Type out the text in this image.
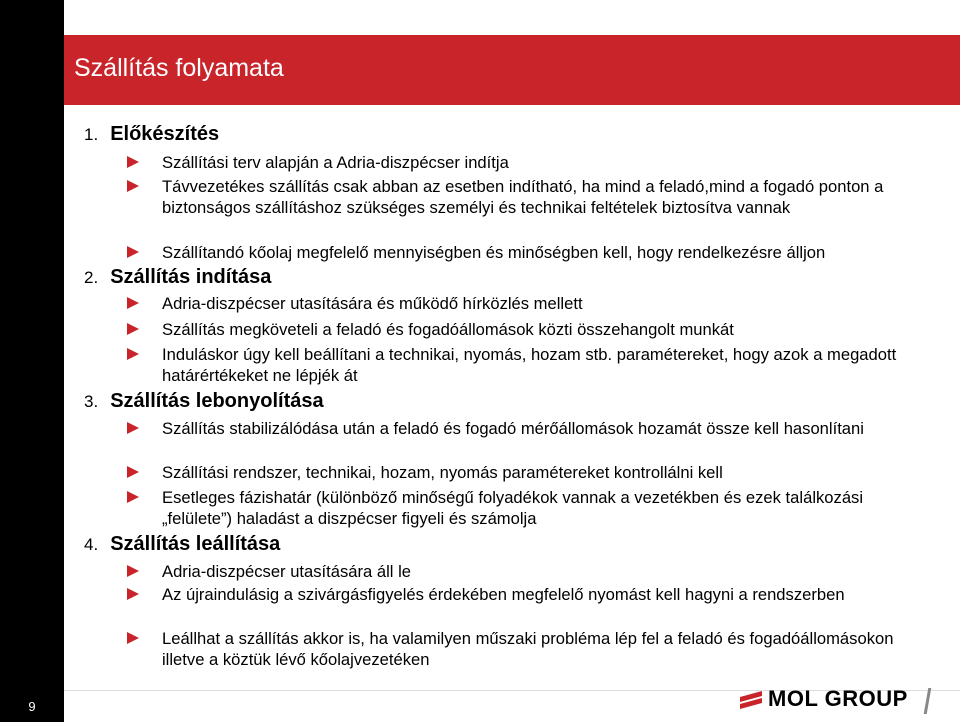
Szállítás folyamata
1. Előkészítés
Szállítási terv alapján a Adria-diszpécser indítja
Távvezetékes szállítás csak abban az esetben indítható, ha mind a feladó,mind a fogadó ponton a biztonságos szállításhoz szükséges személyi és technikai feltételek biztosítva vannak
Szállítandó kőolaj megfelelő mennyiségben és minőségben kell, hogy rendelkezésre álljon
2. Szállítás indítása
Adria-diszpécser utasítására és működő hírközlés mellett
Szállítás megköveteli a feladó és fogadóállomások közti összehangolt munkát
Induláskor úgy kell beállítani a technikai, nyomás, hozam stb. paramétereket, hogy azok a megadott határértékeket ne lépjék át
3. Szállítás lebonyolítása
Szállítás stabilizálódása után a feladó és fogadó mérőállomások hozamát össze kell hasonlítani
Szállítási rendszer, technikai, hozam, nyomás paramétereket kontrollálni kell
Esetleges fázishatár (különböző minőségű folyadékok vannak a vezetékben és ezek találkozási „felülete”) haladást a diszpécser figyeli és számolja
4. Szállítás leállítása
Adria-diszpécser utasítására áll le
Az újraindulásig a szivárgásfigyelés érdekében megfelelő nyomást kell hagyni a rendszerben
Leállhat a szállítás akkor is, ha valamilyen műszaki probléma lép fel a feladó és fogadóállomásokon illetve a köztük lévő kőolajvezetéken
9	MOL GROUP
